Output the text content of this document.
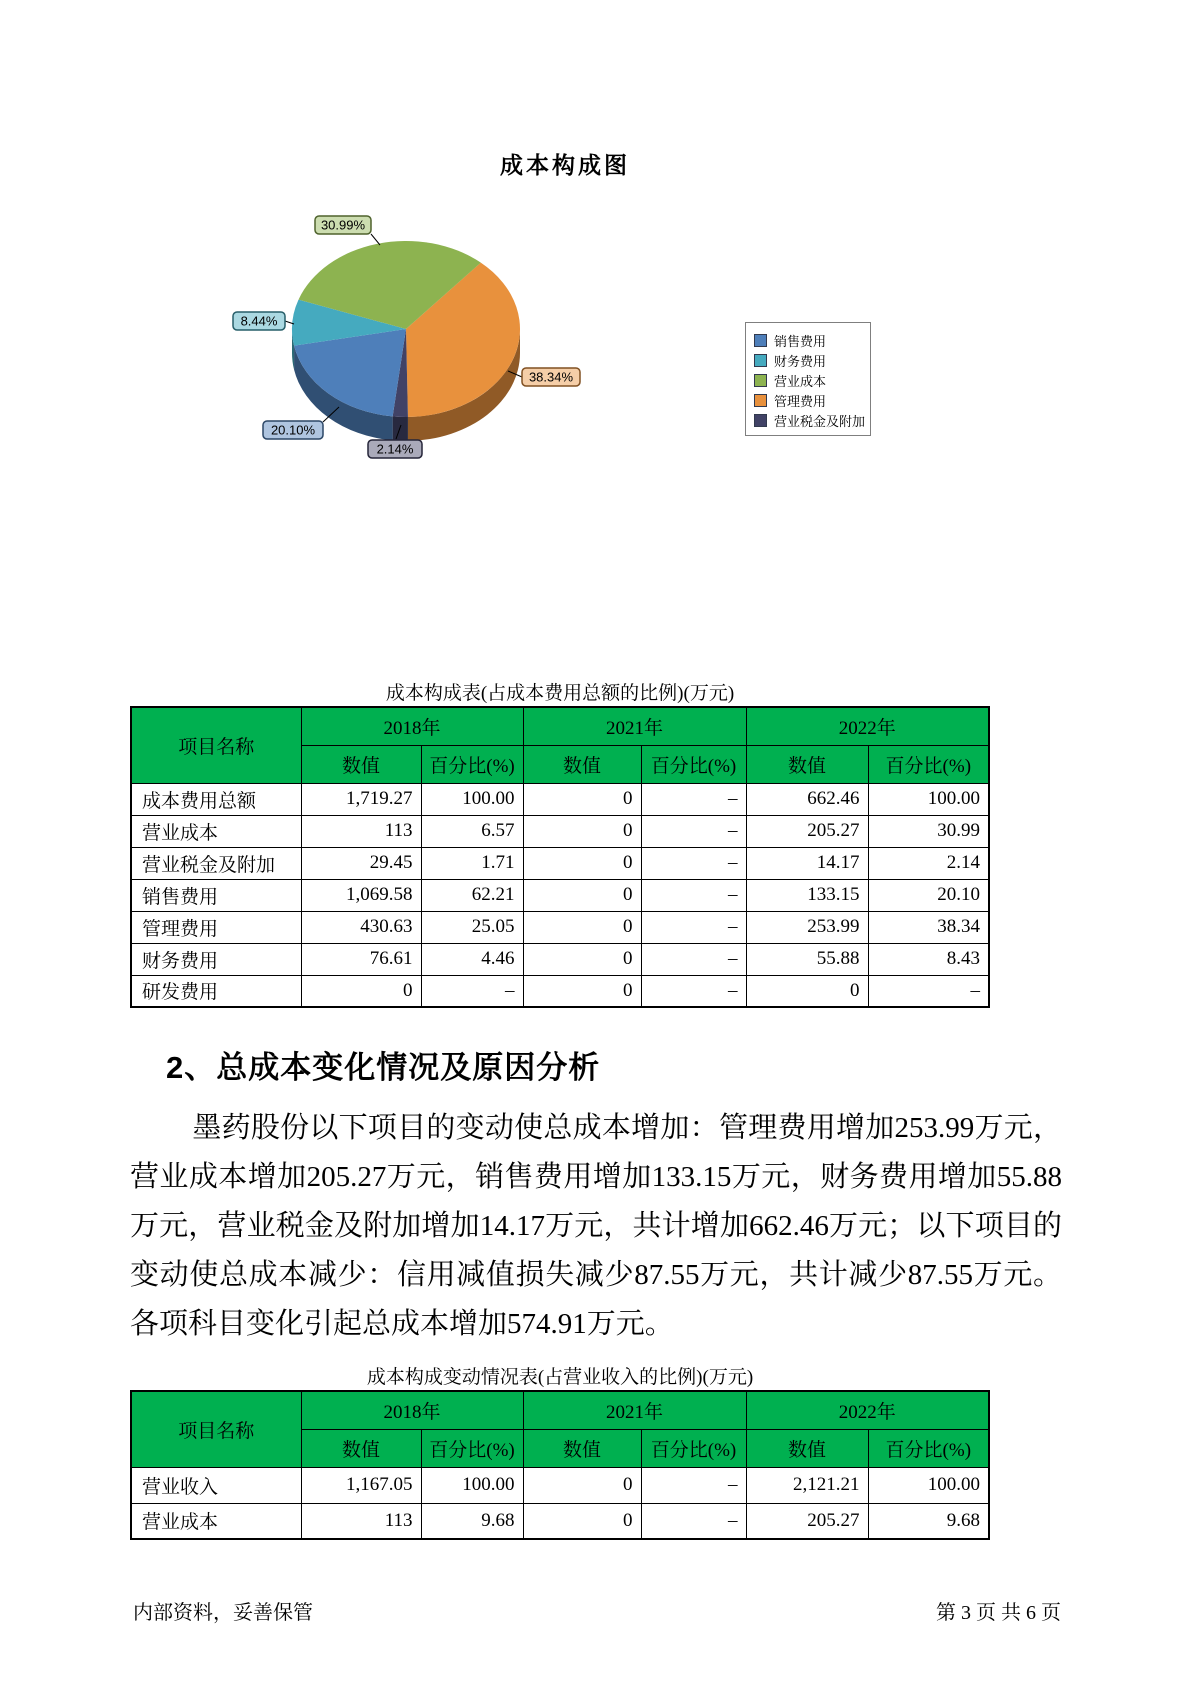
成本构成图
30.99%
8.44%
20.10%
2.14%
38.34%
销售费用
财务费用
营业成本
管理费用
营业税金及附加
成本构成表(占成本费用总额的比例)(万元)
项目名称	2018年		2021年		2022年	
	数值	百分比(%)	数值	百分比(%)	数值	百分比(%)
成本费用总额	1,719.27	100.00	0	–	662.46	100.00
营业成本	113	6.57	0	–	205.27	30.99
营业税金及附加	29.45	1.71	0	–	14.17	2.14
销售费用	1,069.58	62.21	0	–	133.15	20.10
管理费用	430.63	25.05	0	–	253.99	38.34
财务费用	76.61	4.46	0	–	55.88	8.43
研发费用	0	–	0	–	0	–
2、总成本变化情况及原因分析
墨药股份以下项目的变动使总成本增加：管理费用增加253.99万元，营业成本增加205.27万元，销售费用增加133.15万元，财务费用增加55.88万元，营业税金及附加增加14.17万元，共计增加662.46万元；以下项目的变动使总成本减少：信用减值损失减少87.55万元，共计减少87.55万元。各项科目变化引起总成本增加574.91万元。
成本构成变动情况表(占营业收入的比例)(万元)
项目名称	2018年		2021年		2022年	
	数值	百分比(%)	数值	百分比(%)	数值	百分比(%)
营业收入	1,167.05	100.00	0	–	2,121.21	100.00
营业成本	113	9.68	0	–	205.27	9.68
内部资料，妥善保管	第 3 页 共 6 页
